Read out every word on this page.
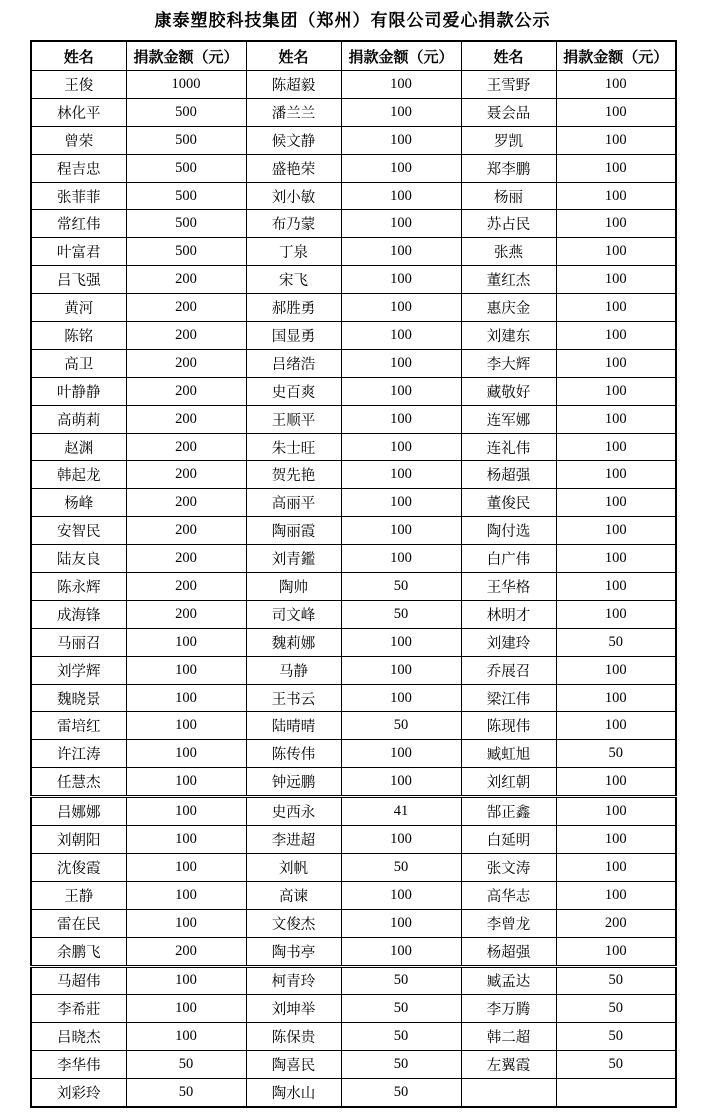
康泰塑胶科技集团（郑州）有限公司爱心捐款公示
姓名	捐款金额（元）	姓名	捐款金额（元）	姓名	捐款金额（元）
王俊	1000	陈超毅	100	王雪野	100
林化平	500	潘兰兰	100	聂会品	100
曾荣	500	候文静	100	罗凯	100
程吉忠	500	盛艳荣	100	郑李鹏	100
张菲菲	500	刘小敏	100	杨丽	100
常红伟	500	布乃蒙	100	苏占民	100
叶富君	500	丁泉	100	张燕	100
吕飞强	200	宋飞	100	董红杰	100
黄河	200	郝胜勇	100	惠庆金	100
陈铭	200	国显勇	100	刘建东	100
高卫	200	吕绪浩	100	李大辉	100
叶静静	200	史百爽	100	藏敬好	100
高萌莉	200	王顺平	100	连军娜	100
赵渊	200	朱士旺	100	连礼伟	100
韩起龙	200	贺先艳	100	杨超强	100
杨峰	200	高丽平	100	董俊民	100
安智民	200	陶丽霞	100	陶付选	100
陆友良	200	刘青鑑	100	白广伟	100
陈永辉	200	陶帅	50	王华格	100
成海锋	200	司文峰	50	林明才	100
马丽召	100	魏莉娜	100	刘建玲	50
刘学辉	100	马静	100	乔展召	100
魏晓景	100	王书云	100	梁江伟	100
雷培红	100	陆晴晴	50	陈现伟	100
许江涛	100	陈传伟	100	臧虹旭	50
任慧杰	100	钟远鹏	100	刘红朝	100
吕娜娜	100	史西永	41	郜正鑫	100
刘朝阳	100	李进超	100	白延明	100
沈俊霞	100	刘帆	50	张文涛	100
王静	100	高谏	100	高华志	100
雷在民	100	文俊杰	100	李曾龙	200
余鹏飞	200	陶书亭	100	杨超强	100
马超伟	100	柯青玲	50	臧孟达	50
李希莊	100	刘坤举	50	李万腾	50
吕晓杰	100	陈保贵	50	韩二超	50
李华伟	50	陶喜民	50	左翼霞	50
刘彩玲	50	陶水山	50		
